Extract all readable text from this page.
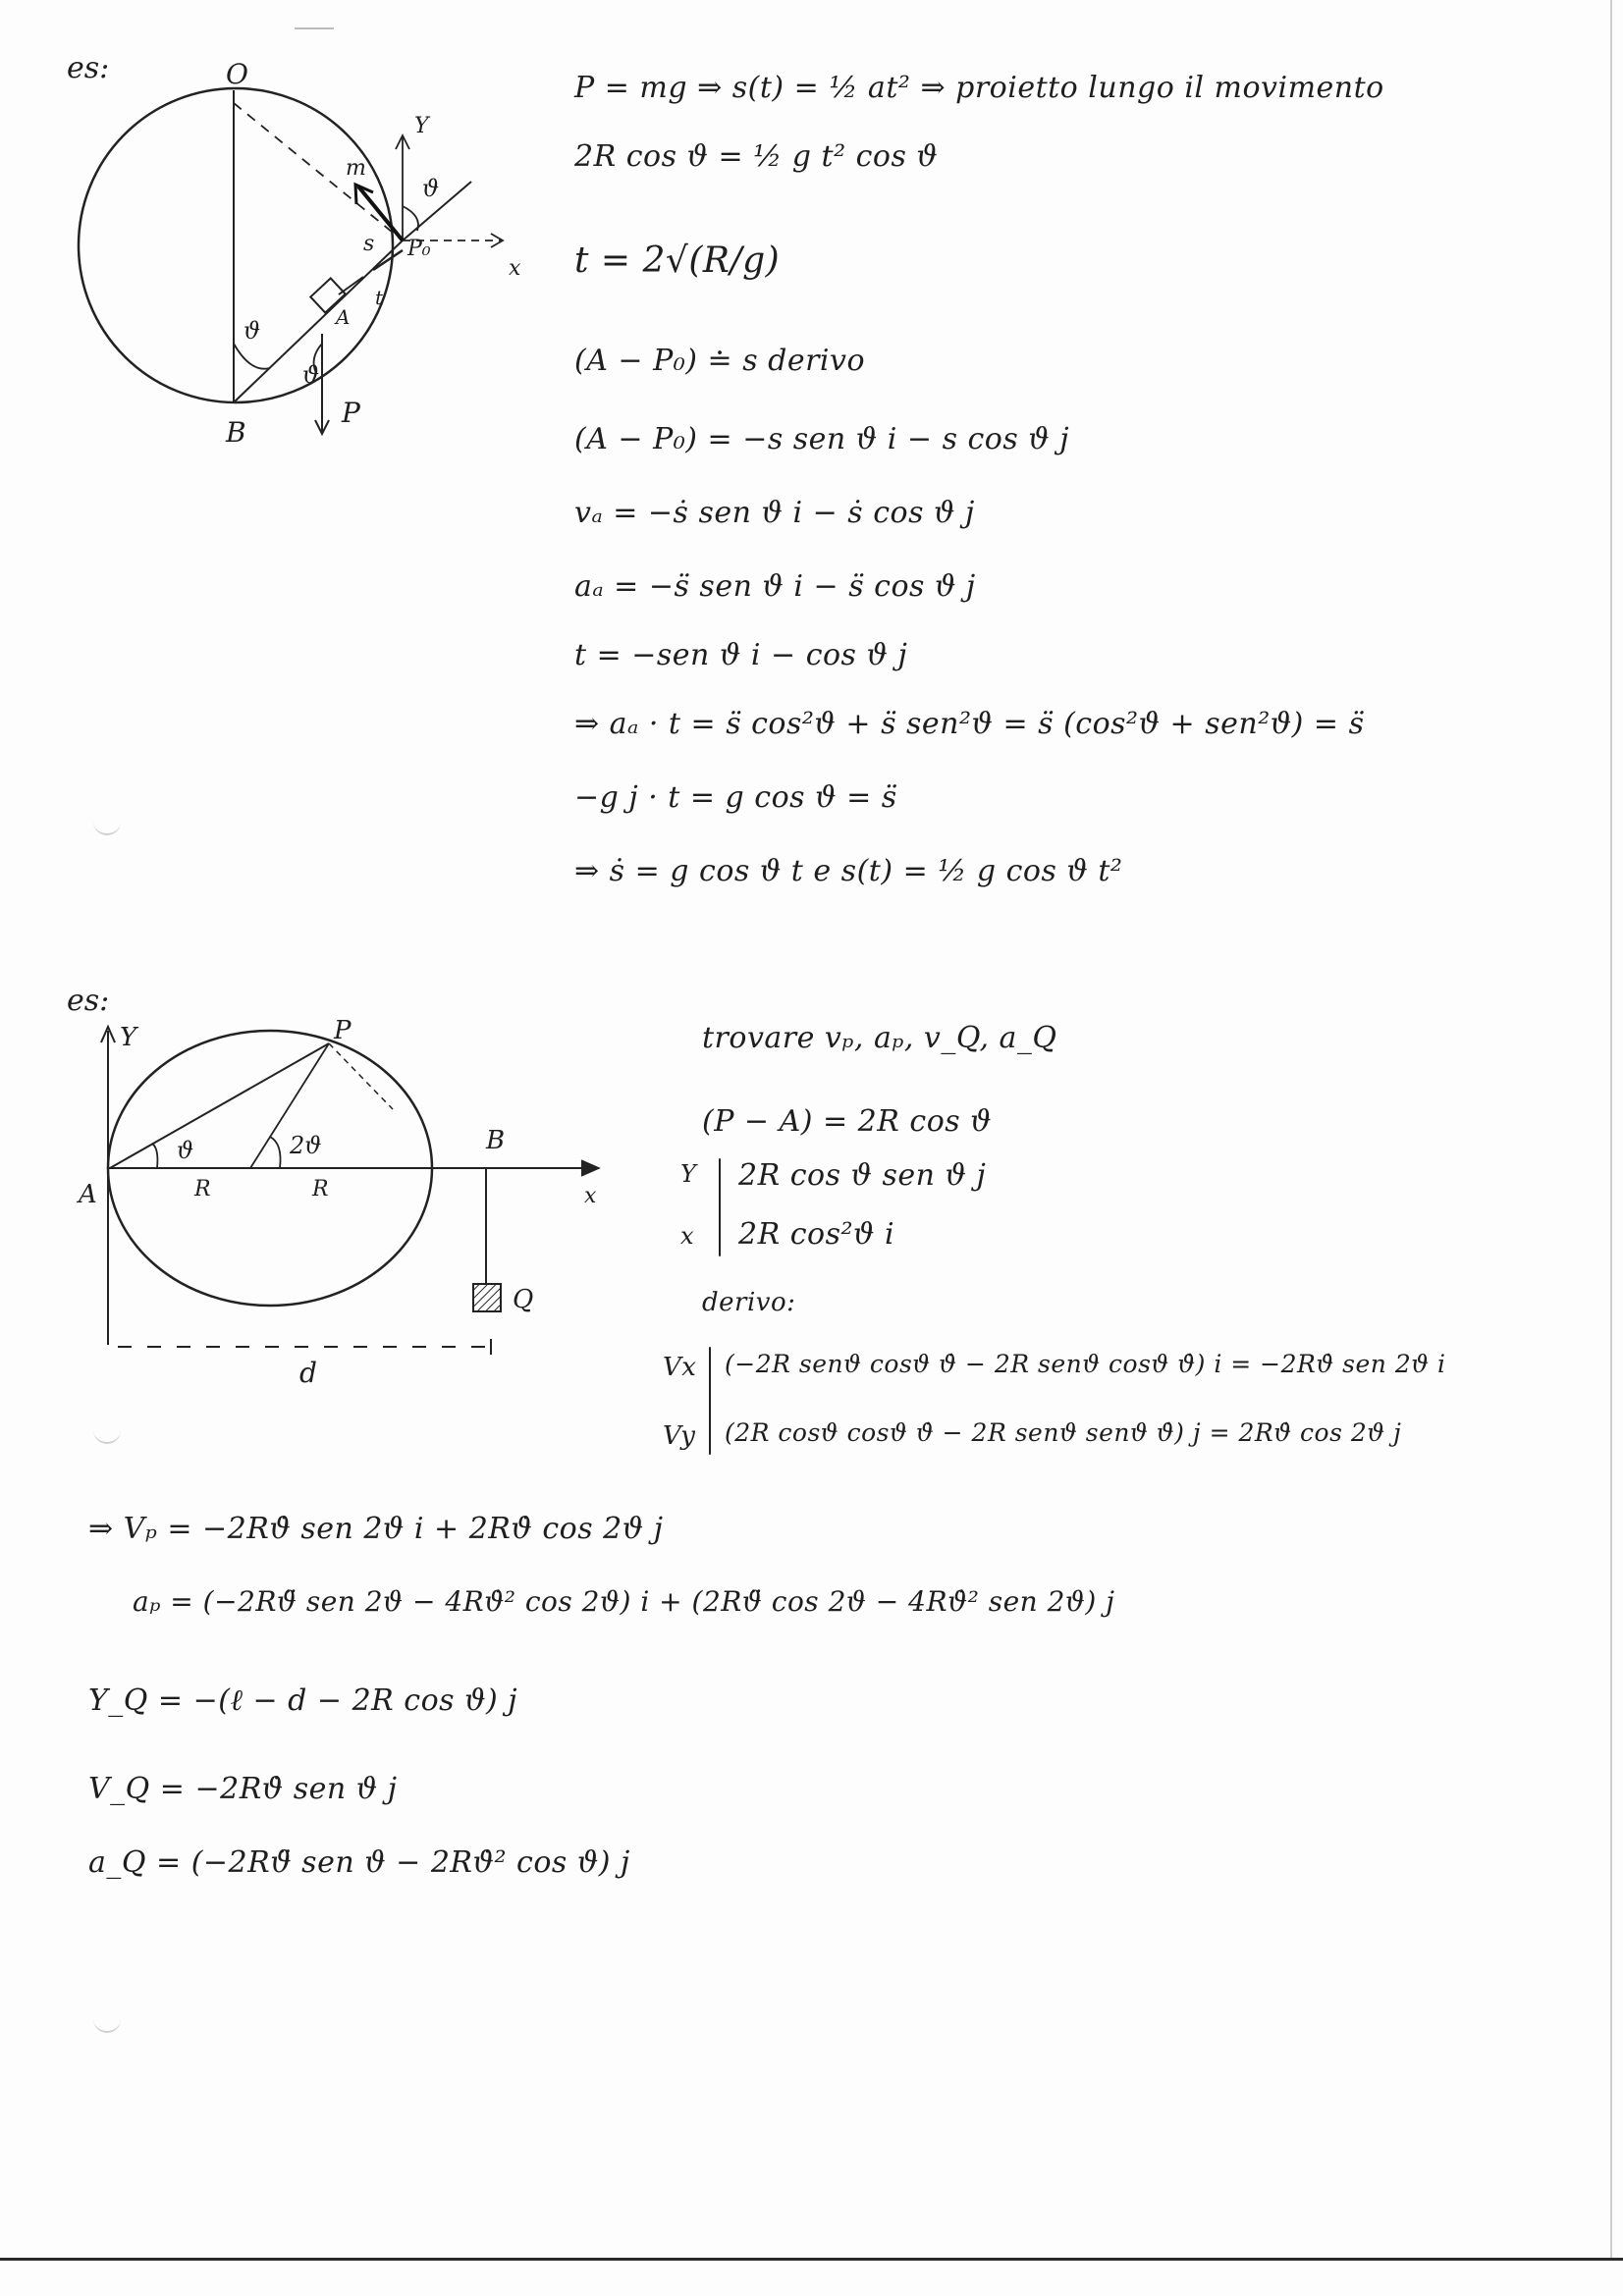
es:	O
B
P₀
A
P
m
s
t
x
Y
ϑ
ϑ
ϑ
P = mg ⇒ s(t) = ½ at² ⇒ proietto lungo il movimento
2R cos ϑ = ½ g t² cos ϑ
t = 2√(R/g)
(A − P₀) ≐ s derivo
(A − P₀) = −s sen ϑ i − s cos ϑ j
vₐ = −ṡ sen ϑ i − ṡ cos ϑ j
aₐ = −s̈ sen ϑ i − s̈ cos ϑ j
t = −sen ϑ i − cos ϑ j
⇒ aₐ · t = s̈ cos²ϑ + s̈ sen²ϑ = s̈ (cos²ϑ + sen²ϑ) = s̈
−g j · t = g cos ϑ = s̈
⇒ ṡ = g cos ϑ t e s(t) = ½ g cos ϑ t²
es:
Y
x
A
P
B
Q
R	R
ϑ	2ϑ
d
trovare vₚ, aₚ, v_Q, a_Q
(P − A) = 2R cos ϑ
Y 2R cos ϑ sen ϑ j
x 2R cos²ϑ i
derivo:
Vx (−2R senϑ cosϑ ϑ̇ − 2R senϑ cosϑ ϑ̇) i = −2Rϑ̇ sen 2ϑ i
Vy (2R cosϑ cosϑ ϑ̇ − 2R senϑ senϑ ϑ̇) j = 2Rϑ̇ cos 2ϑ j
⇒ Vₚ = −2Rϑ̇ sen 2ϑ i + 2Rϑ̇ cos 2ϑ j
aₚ = (−2Rϑ̈ sen 2ϑ − 4Rϑ̇² cos 2ϑ) i + (2Rϑ̈ cos 2ϑ − 4Rϑ̇² sen 2ϑ) j
Y_Q = −(ℓ − d − 2R cos ϑ) j
V_Q = −2Rϑ̇ sen ϑ j
a_Q = (−2Rϑ̈ sen ϑ − 2Rϑ̇² cos ϑ) j
